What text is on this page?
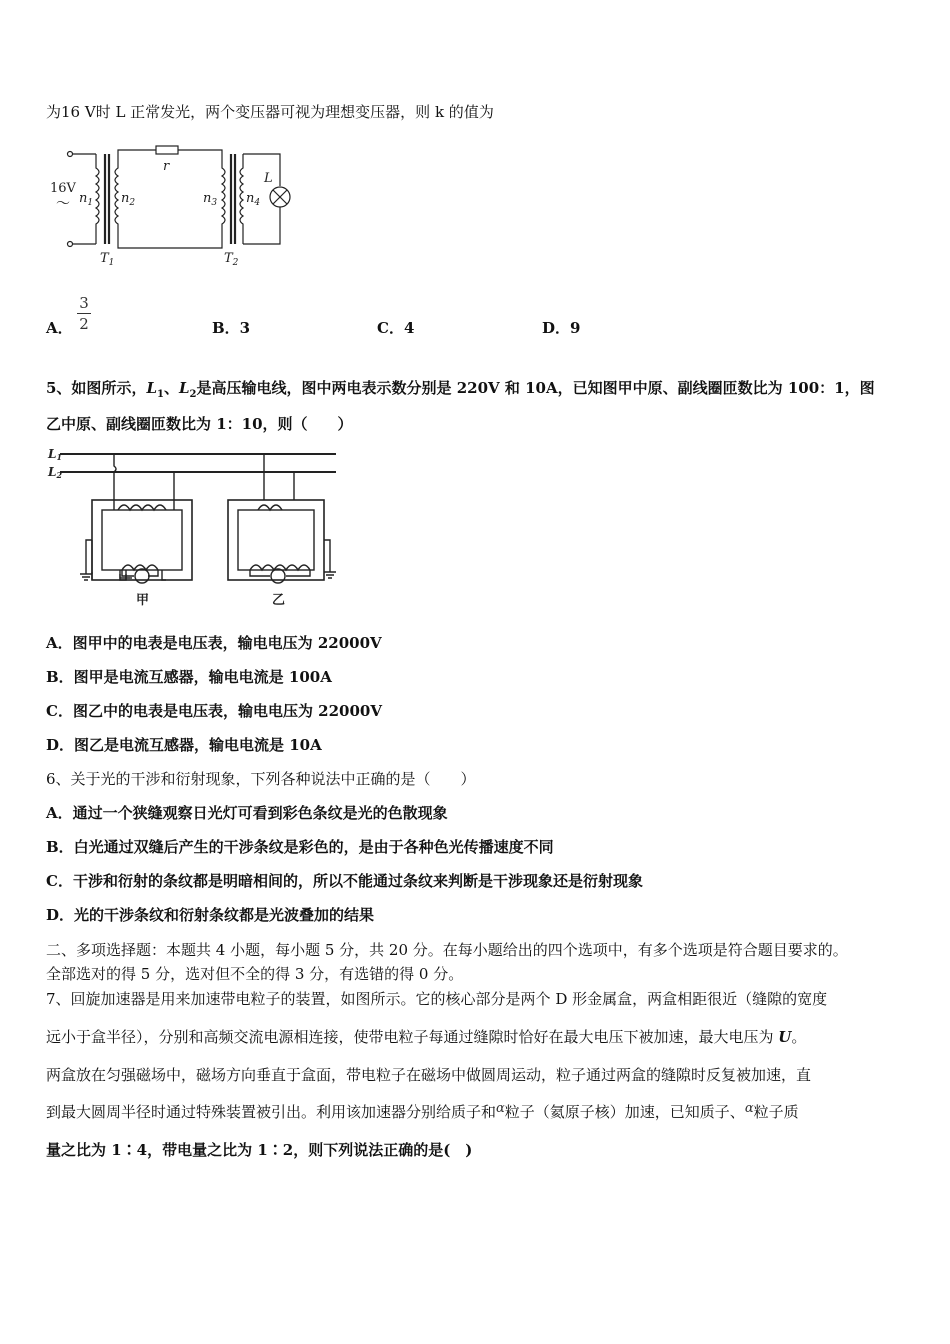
为16 V时 L 正常发光，两个变压器可视为理想变压器，则 k 的值为
16V
～ $n_1$ $n_2$	$n_3$ $n_4$
r
L
$T_1$	$T_2$
3
2
A．	B．3	C．4	D．9
5、如图所示，$L_1$、$L_2$是高压输电线，图中两电表示数分别是 220V 和 10A，已知图甲中原、副线圈匝数比为 100：1，图
乙中原、副线圈匝数比为 1：10，则（　　）
L1
L2
甲	乙
A．图甲中的电表是电压表，输电电压为 22000V
B．图甲是电流互感器，输电电流是 100A
C．图乙中的电表是电压表，输电电压为 22000V
D．图乙是电流互感器，输电电流是 10A
6、关于光的干涉和衍射现象，下列各种说法中正确的是（　　）
A．通过一个狭缝观察日光灯可看到彩色条纹是光的色散现象
B．白光通过双缝后产生的干涉条纹是彩色的，是由于各种色光传播速度不同
C．干涉和衍射的条纹都是明暗相间的，所以不能通过条纹来判断是干涉现象还是衍射现象
D．光的干涉条纹和衍射条纹都是光波叠加的结果
二、多项选择题：本题共 4 小题，每小题 5 分，共 20 分。在每小题给出的四个选项中，有多个选项是符合题目要求的。
全部选对的得 5 分，选对但不全的得 3 分，有选错的得 0 分。
7、回旋加速器是用来加速带电粒子的装置，如图所示。它的核心部分是两个 D 形金属盒，两盒相距很近（缝隙的宽度
远小于盒半径），分别和高频交流电源相连接，使带电粒子每通过缝隙时恰好在最大电压下被加速，最大电压为 U。
两盒放在匀强磁场中，磁场方向垂直于盒面，带电粒子在磁场中做圆周运动，粒子通过两盒的缝隙时反复被加速，直
到最大圆周半径时通过特殊装置被引出。利用该加速器分别给质子和α粒子（氦原子核）加速，已知质子、α粒子质
量之比为 1∶4，带电量之比为 1∶2，则下列说法正确的是(　)
